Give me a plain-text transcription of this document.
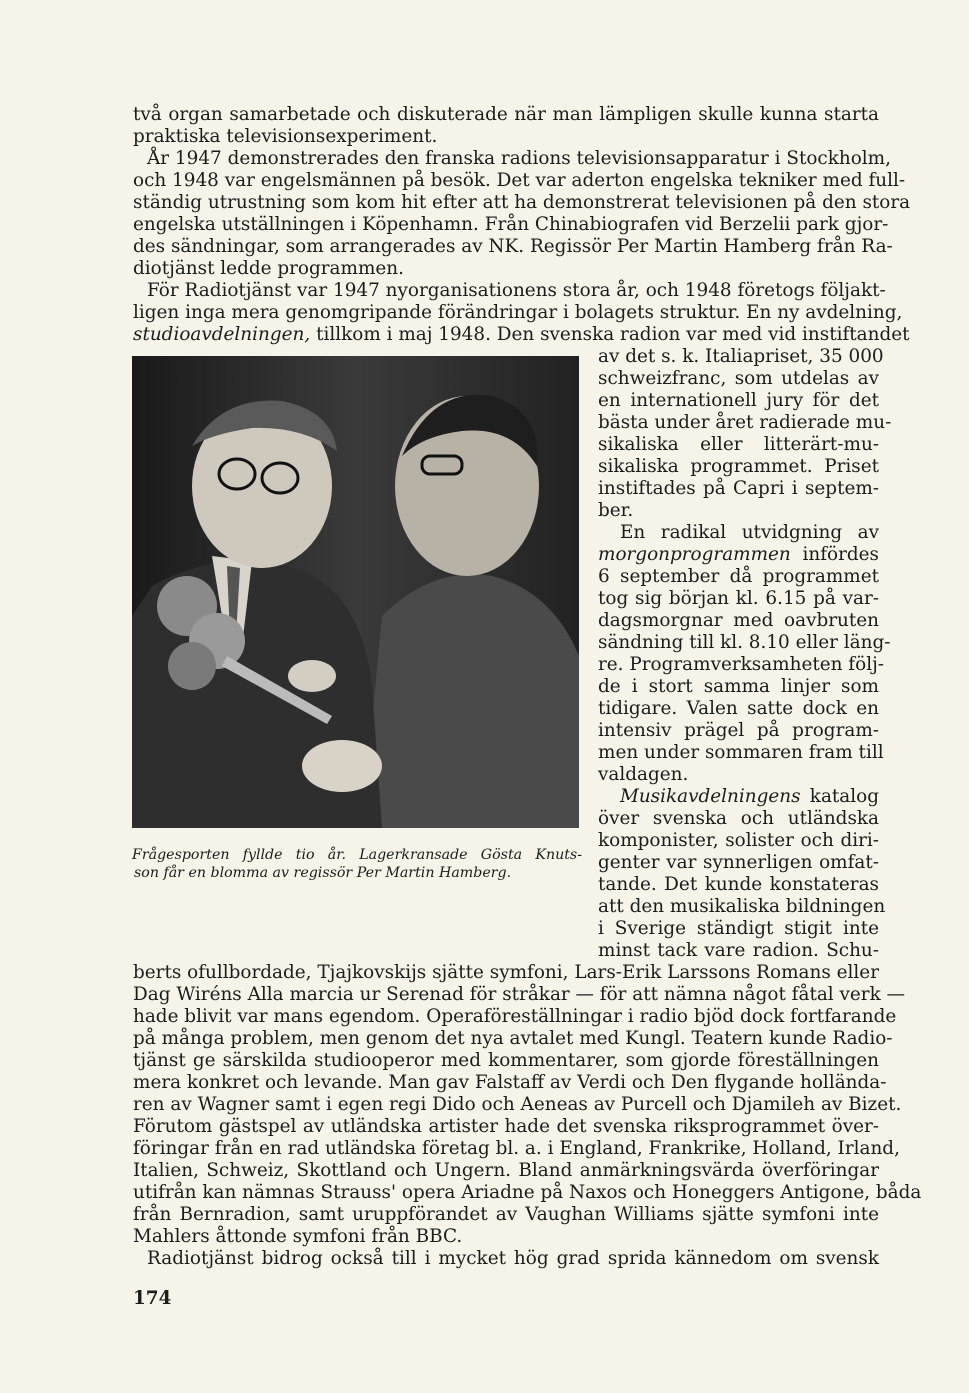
två organ samarbetade och diskuterade när man lämpligen skulle kunna starta
praktiska televisionsexperiment.
År 1947 demonstrerades den franska radions televisionsapparatur i Stockholm,
och 1948 var engelsmännen på besök. Det var aderton engelska tekniker med full-
ständig utrustning som kom hit efter att ha demonstrerat televisionen på den stora
engelska utställningen i Köpenhamn. Från Chinabiografen vid Berzelii park gjor-
des sändningar, som arrangerades av NK. Regissör Per Martin Hamberg från Ra-
diotjänst ledde programmen.
För Radiotjänst var 1947 nyorganisationens stora år, och 1948 företogs följakt-
ligen inga mera genomgripande förändringar i bolagets struktur. En ny avdelning,
studioavdelningen, tillkom i maj 1948. Den svenska radion var med vid instiftandet
Frågesporten fyllde tio år. Lagerkransade Gösta Knuts-
son får en blomma av regissör Per Martin Hamberg.
av det s. k. Italiapriset, 35 000
schweizfranc, som utdelas av
en internationell jury för det
bästa under året radierade mu-
sikaliska eller litterärt-mu-
sikaliska programmet. Priset
instiftades på Capri i septem-
ber.
En radikal utvidgning av
morgonprogrammen infördes
6 september då programmet
tog sig början kl. 6.15 på var-
dagsmorgnar med oavbruten
sändning till kl. 8.10 eller läng-
re. Programverksamheten följ-
de i stort samma linjer som
tidigare. Valen satte dock en
intensiv prägel på program-
men under sommaren fram till
valdagen.
Musikavdelningens katalog
över svenska och utländska
komponister, solister och diri-
genter var synnerligen omfat-
tande. Det kunde konstateras
att den musikaliska bildningen
i Sverige ständigt stigit inte
minst tack vare radion. Schu-
174
berts ofullbordade, Tjajkovskijs sjätte symfoni, Lars-Erik Larssons Romans eller
Dag Wiréns Alla marcia ur Serenad för stråkar — för att nämna något fåtal verk —
hade blivit var mans egendom. Operaföreställningar i radio bjöd dock fortfarande
på många problem, men genom det nya avtalet med Kungl. Teatern kunde Radio-
tjänst ge särskilda studiooperor med kommentarer, som gjorde föreställningen
mera konkret och levande. Man gav Falstaff av Verdi och Den flygande hollända-
ren av Wagner samt i egen regi Dido och Aeneas av Purcell och Djamileh av Bizet.
Förutom gästspel av utländska artister hade det svenska riksprogrammet över-
föringar från en rad utländska företag bl. a. i England, Frankrike, Holland, Irland,
Italien, Schweiz, Skottland och Ungern. Bland anmärkningsvärda överföringar
utifrån kan nämnas Strauss' opera Ariadne på Naxos och Honeggers Antigone, båda
från Bernradion, samt uruppförandet av Vaughan Williams sjätte symfoni inte
Mahlers åttonde symfoni från BBC.
Radiotjänst bidrog också till i mycket hög grad sprida kännedom om svensk
